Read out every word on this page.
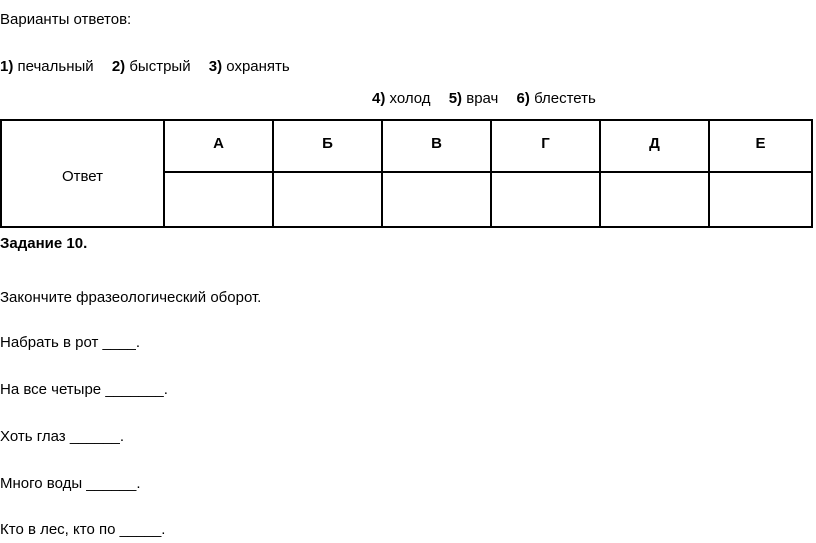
Варианты ответов:
1) печальный 2) быстрый 3) охранять
4) холод 5) врач 6) блестеть
Ответ	А	Б	В	Г	Д	Е

Задание 10.
Закончите фразеологический оборот.
Набрать в рот ____.
На все четыре _______.
Хоть глаз ______.
Много воды ______.
Кто в лес, кто по _____.
